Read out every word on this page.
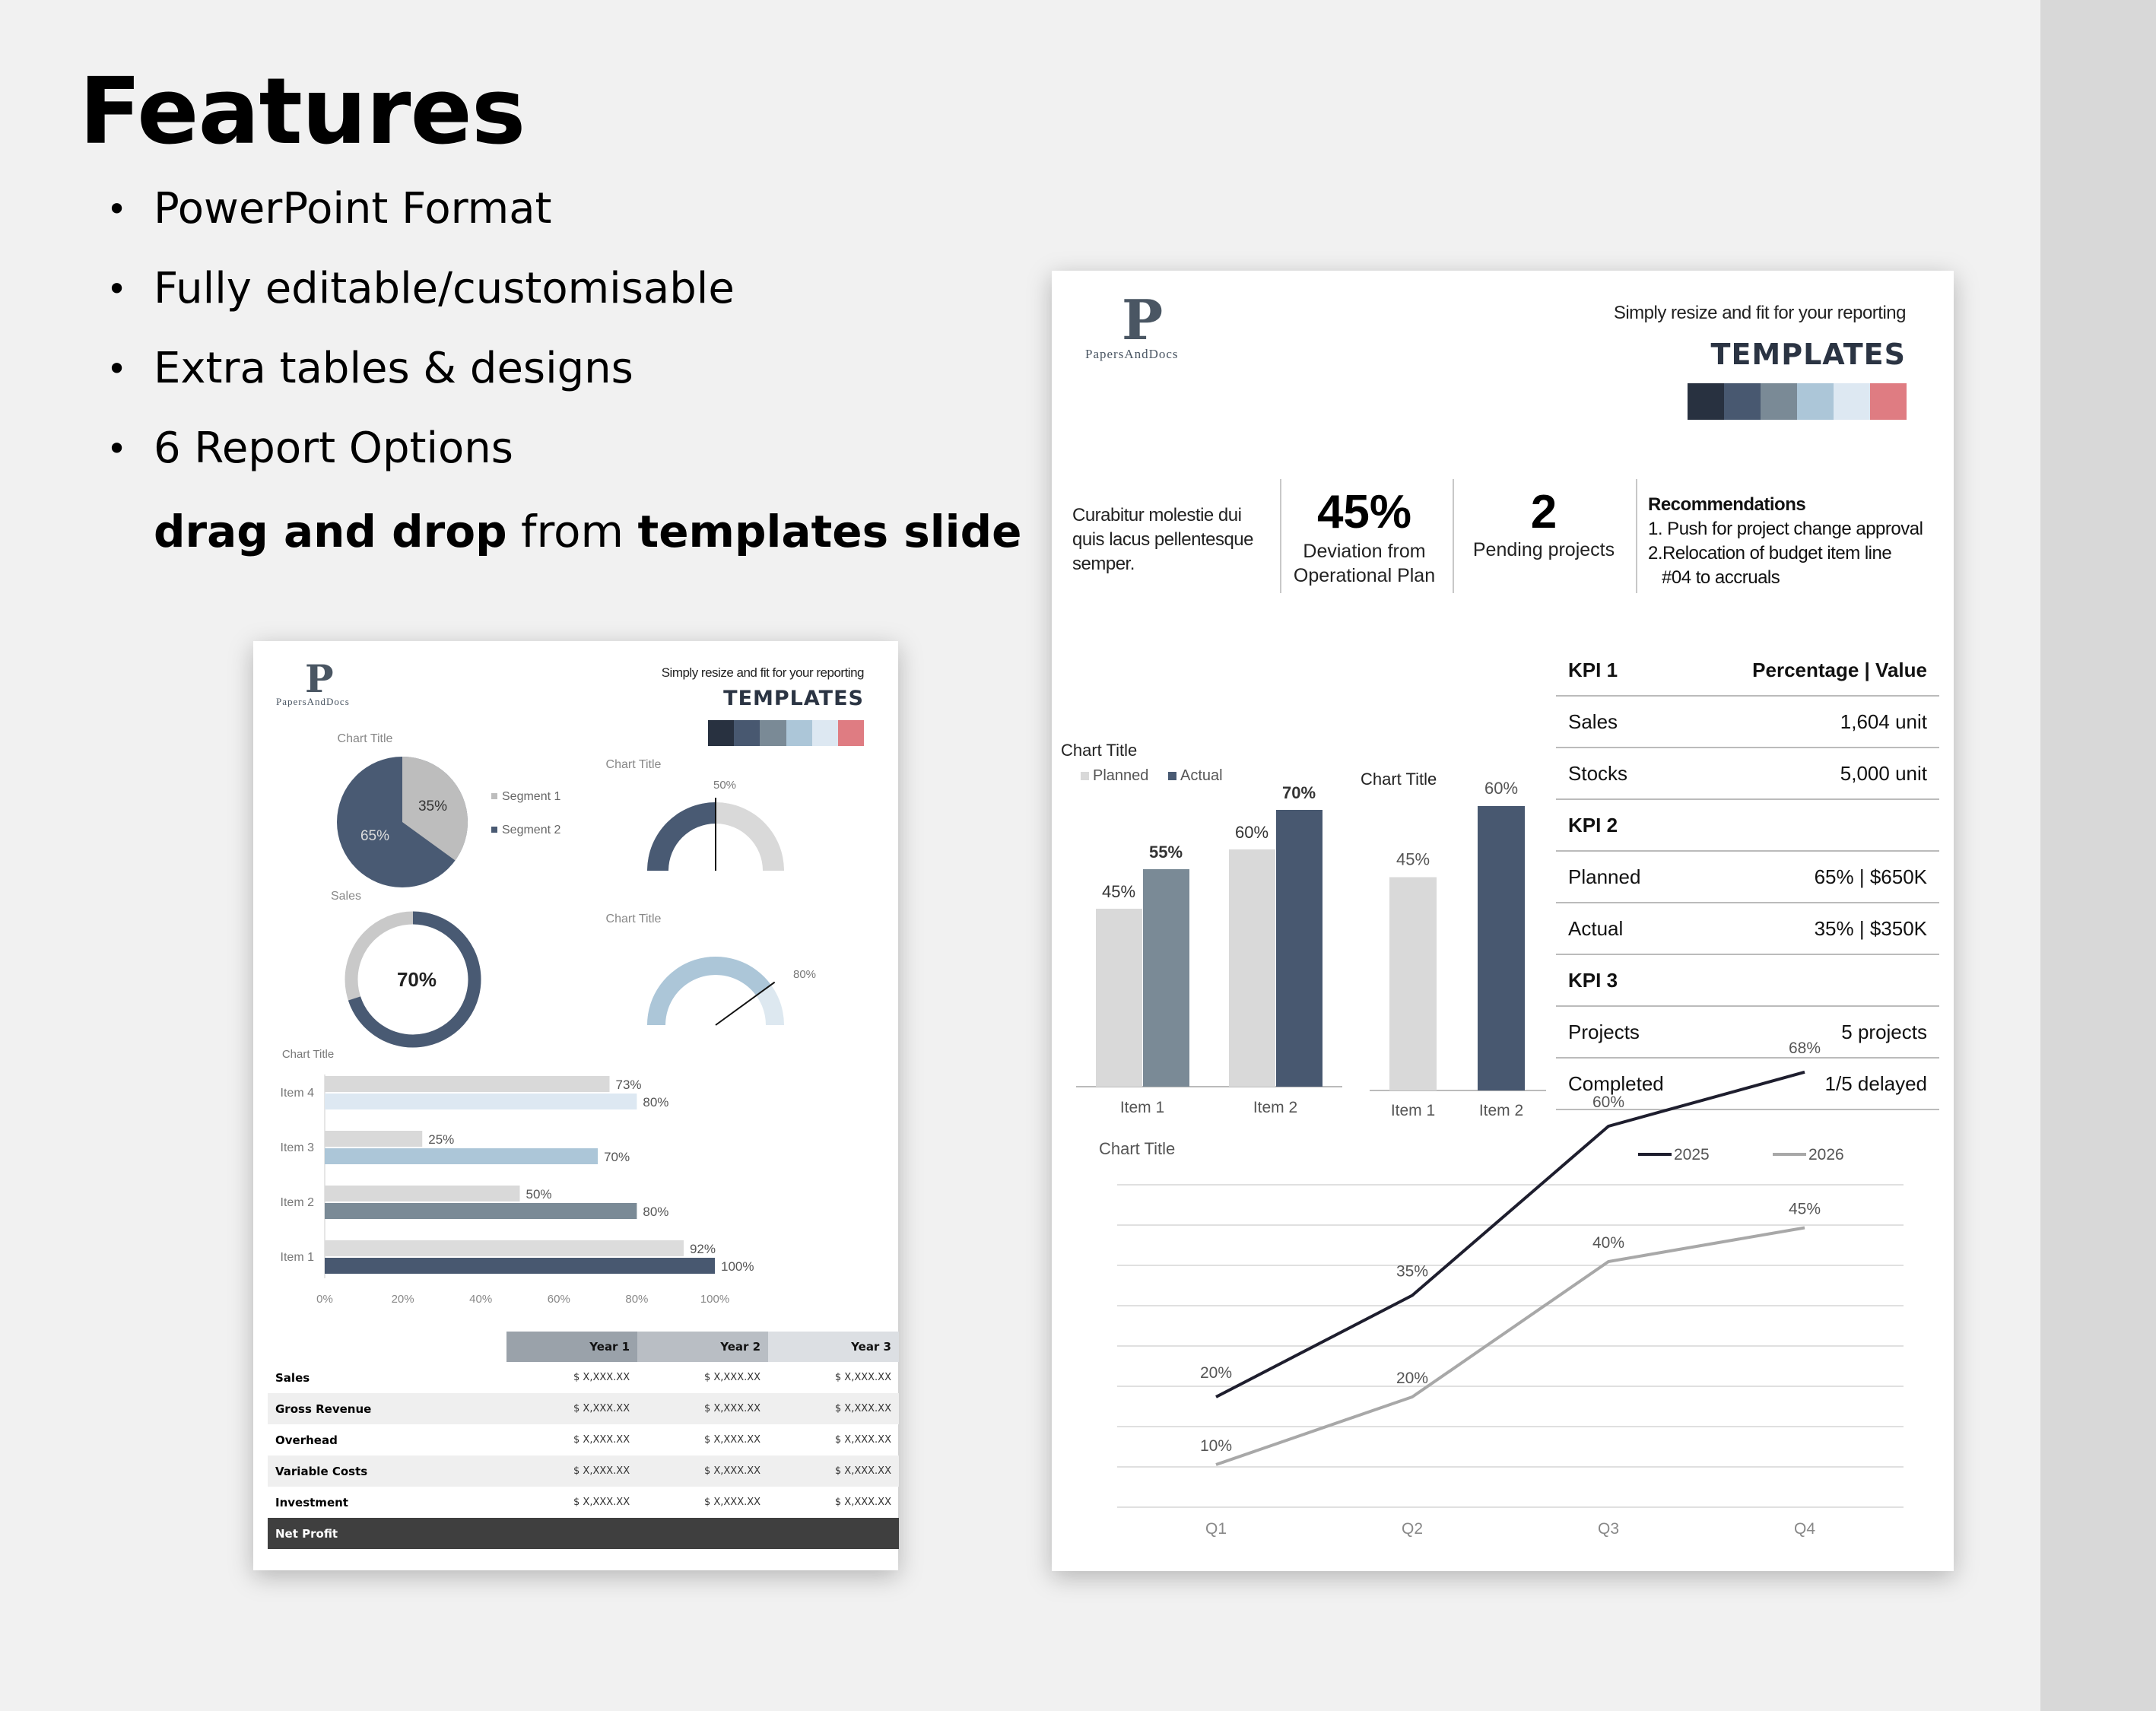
Features
• PowerPoint Format
• Fully editable/customisable
• Extra tables & designs
• 6 Report Options
drag and drop from templates slide
P
PapersAndDocs
Simply resize and fit for your reporting
TEMPLATES
Chart Title
35%
65%
Segment 1
Segment 2
Chart Title
50%
Sales
70%
Chart Title
80%
Chart Title
Item 4
73%
80%
Item 3
25%
70%
Item 2
50%
80%
Item 1
92%
100%
0%	20%	40%	60%	80%	100%
	Year 1	Year 2	Year 3
Sales	$ X,XXX.XX	$ X,XXX.XX	$ X,XXX.XX
Gross Revenue	$ X,XXX.XX	$ X,XXX.XX	$ X,XXX.XX
Overhead	$ X,XXX.XX	$ X,XXX.XX	$ X,XXX.XX
Variable Costs	$ X,XXX.XX	$ X,XXX.XX	$ X,XXX.XX
Investment	$ X,XXX.XX	$ X,XXX.XX	$ X,XXX.XX
Net Profit			
P
PapersAndDocs
Simply resize and fit for your reporting
TEMPLATES
Curabitur molestie dui quis lacus pellentesque semper.
45%
Deviation from
Operational Plan
2
Pending projects
Recommendations
1. Push for project change approval
2.Relocation of budget item line
#04 to accruals
KPI 1	Percentage | Value
Sales	1,604 unit
Stocks	5,000 unit
KPI 2	
Planned	65% | $650K
Actual	35% | $350K
KPI 3	
Projects	5 projects
Completed	1/5 delayed
Chart Title
Planned Actual
45%
55%
Item 1
60%
70%
Item 2
Chart Title
45%
Item 1
60%
Item 2
Chart Title	2025	2026
20%
35%
60%
68%
10%
20%
40%
45%
Q1	Q2	Q3	Q4
